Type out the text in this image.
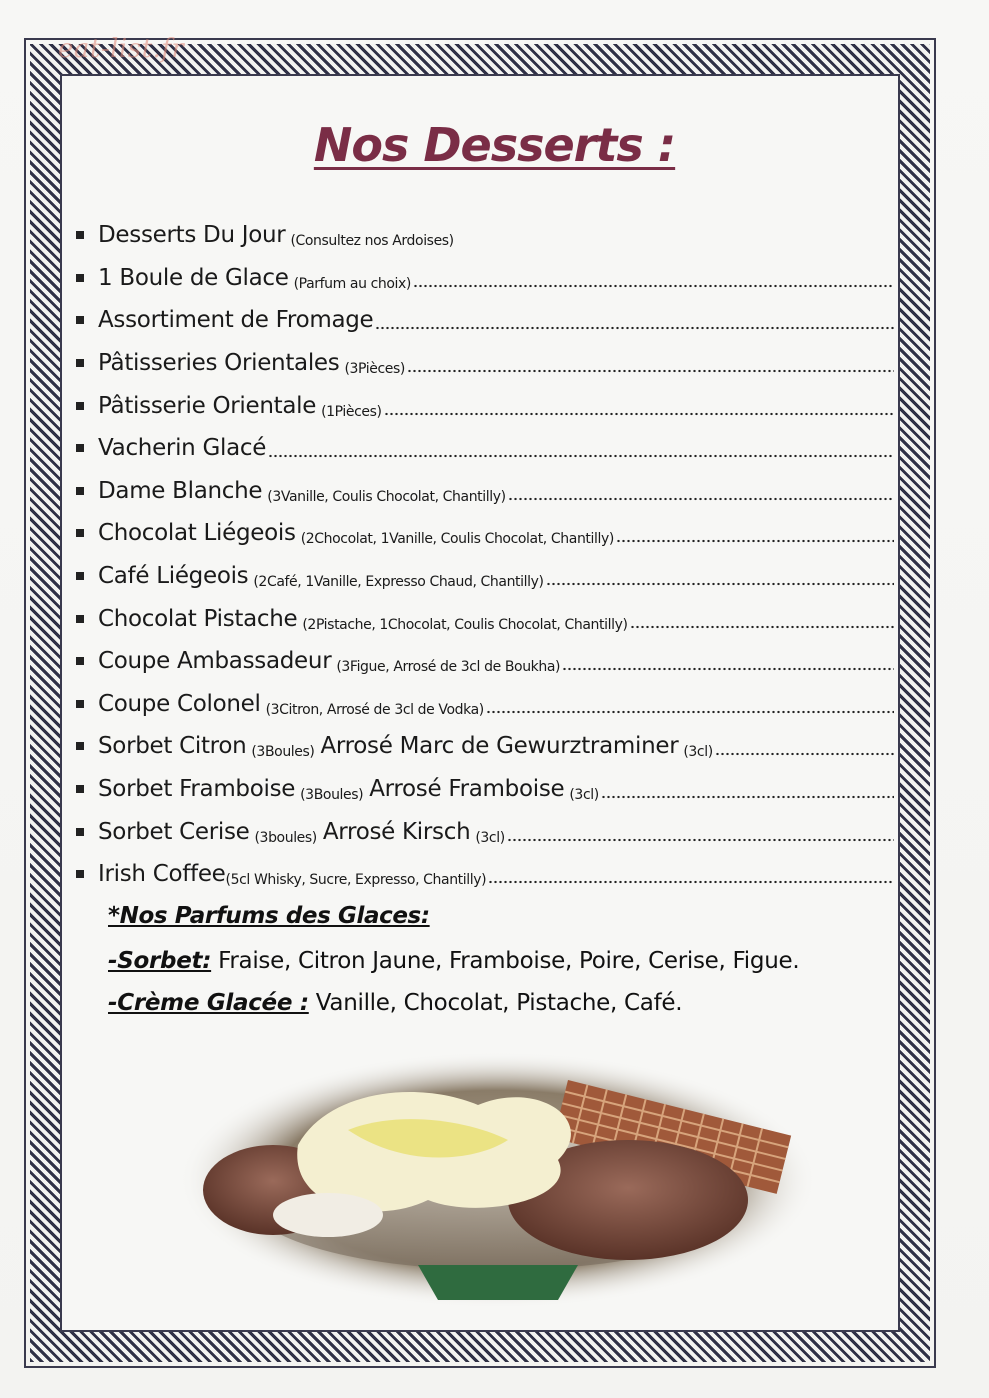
eat-list.fr
Nos Desserts :
Desserts Du Jour (Consultez nos Ardoises)
1 Boule de Glace (Parfum au choix)
Assortiment de Fromage
Pâtisseries Orientales (3Pièces)
Pâtisserie Orientale (1Pièces)
Vacherin Glacé
Dame Blanche (3Vanille, Coulis Chocolat, Chantilly)
Chocolat Liégeois (2Chocolat, 1Vanille, Coulis Chocolat, Chantilly)
Café Liégeois (2Café, 1Vanille, Expresso Chaud, Chantilly)
Chocolat Pistache (2Pistache, 1Chocolat, Coulis Chocolat, Chantilly)
Coupe Ambassadeur (3Figue, Arrosé de 3cl de Boukha)
Coupe Colonel (3Citron, Arrosé de 3cl de Vodka)
Sorbet Citron (3Boules) Arrosé Marc de Gewurztraminer (3cl)
Sorbet Framboise (3Boules) Arrosé Framboise (3cl)
Sorbet Cerise (3boules) Arrosé Kirsch (3cl)
Irish Coffee (5cl Whisky, Sucre, Expresso, Chantilly)
*Nos Parfums des Glaces:
-Sorbet: Fraise, Citron Jaune, Framboise, Poire, Cerise, Figue.
-Crème Glacée : Vanille, Chocolat, Pistache, Café.
